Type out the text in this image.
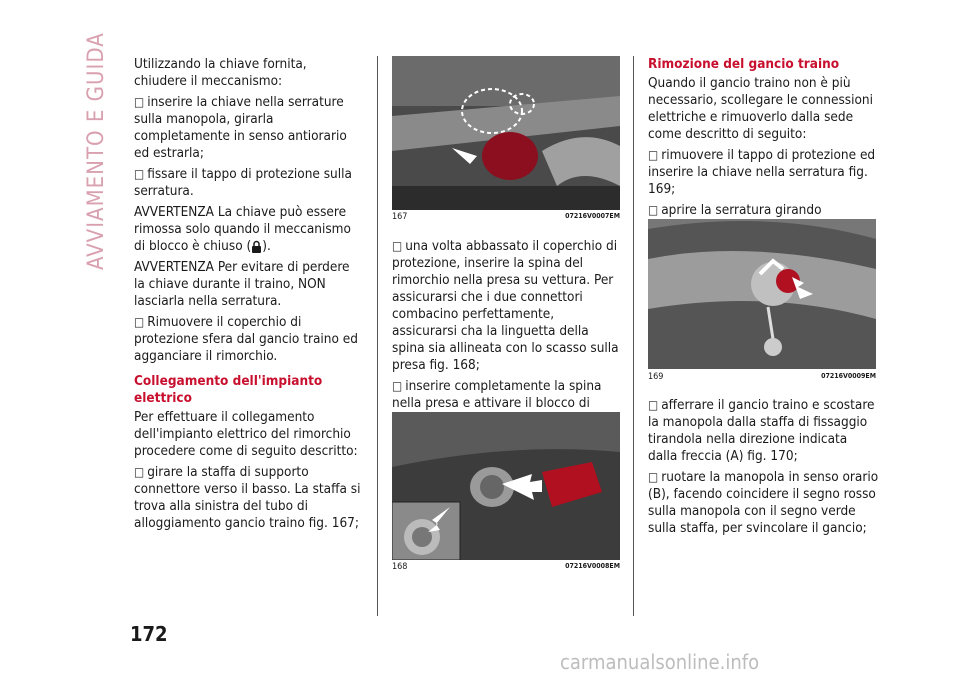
AVVIAMENTO E GUIDA Utilizzando la chiave fornita, chiudere il meccanismo:

□ inserire la chiave nella serrature sulla manopola, girarla completamente in senso antiorario ed estrarla;

□ fissare il tappo di protezione sulla serratura.

AVVERTENZA La chiave può essere rimossa solo quando il meccanismo di blocco è chiuso ( ).

AVVERTENZA Per evitare di perdere la chiave durante il traino, NON lasciarla nella serratura.

□ Rimuovere il coperchio di protezione sfera dal gancio traino ed agganciare il rimorchio.

Collegamento dell'impianto elettrico

Per effettuare il collegamento dell'impianto elettrico del rimorchio procedere come di seguito descritto:

□ girare la staffa di supporto connettore verso il basso. La staffa si trova alla sinistra del tubo di alloggiamento gancio traino fig. 167;

167	07216V0007EM

□ una volta abbassato il coperchio di protezione, inserire la spina del rimorchio nella presa su vettura. Per assicurarsi che i due connettori combacino perfettamente, assicurarsi cha la linguetta della spina sia allineata con lo scasso sulla presa fig. 168;

□ inserire completamente la spina nella presa e attivare il blocco di

168	07216V0008EM
Rimozione del gancio traino

Quando il gancio traino non è più necessario, scollegare le connessioni elettriche e rimuoverlo dalla sede come descritto di seguito:

□ rimuovere il tappo di protezione ed inserire la chiave nella serratura fig. 169;

□ aprire la serratura girando

169	07216V0009EM

□ afferrare il gancio traino e scostare la manopola dalla staffa di fissaggio tirandola nella direzione indicata dalla freccia (A) fig. 170;

□ ruotare la manopola in senso orario (B), facendo coincidere il segno rosso sulla manopola con il segno verde sulla staffa, per svincolare il gancio;

172
carmanualsonline.info
